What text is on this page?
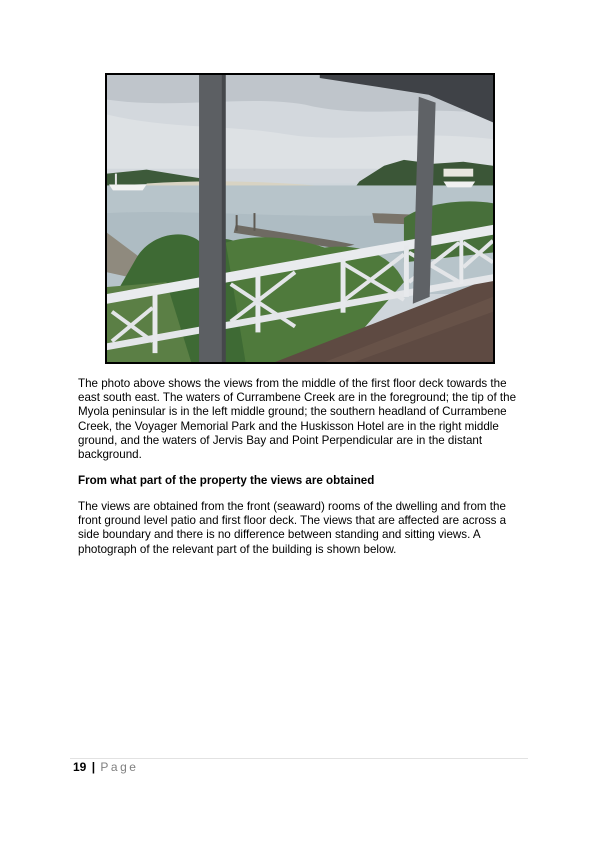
The photo above shows the views from the middle of the first floor deck towards the east south east. The waters of Currambene Creek are in the foreground; the tip of the Myola peninsular is in the left middle ground; the southern headland of Currambene Creek, the Voyager Memorial Park and the Huskisson Hotel are in the right middle ground, and the waters of Jervis Bay and Point Perpendicular are in the distant background.

From what part of the property the views are obtained

The views are obtained from the front (seaward) rooms of the dwelling and from the front ground level patio and first floor deck. The views that are affected are across a side boundary and there is no difference between standing and sitting views. A photograph of the relevant part of the building is shown below.

19 | Page
